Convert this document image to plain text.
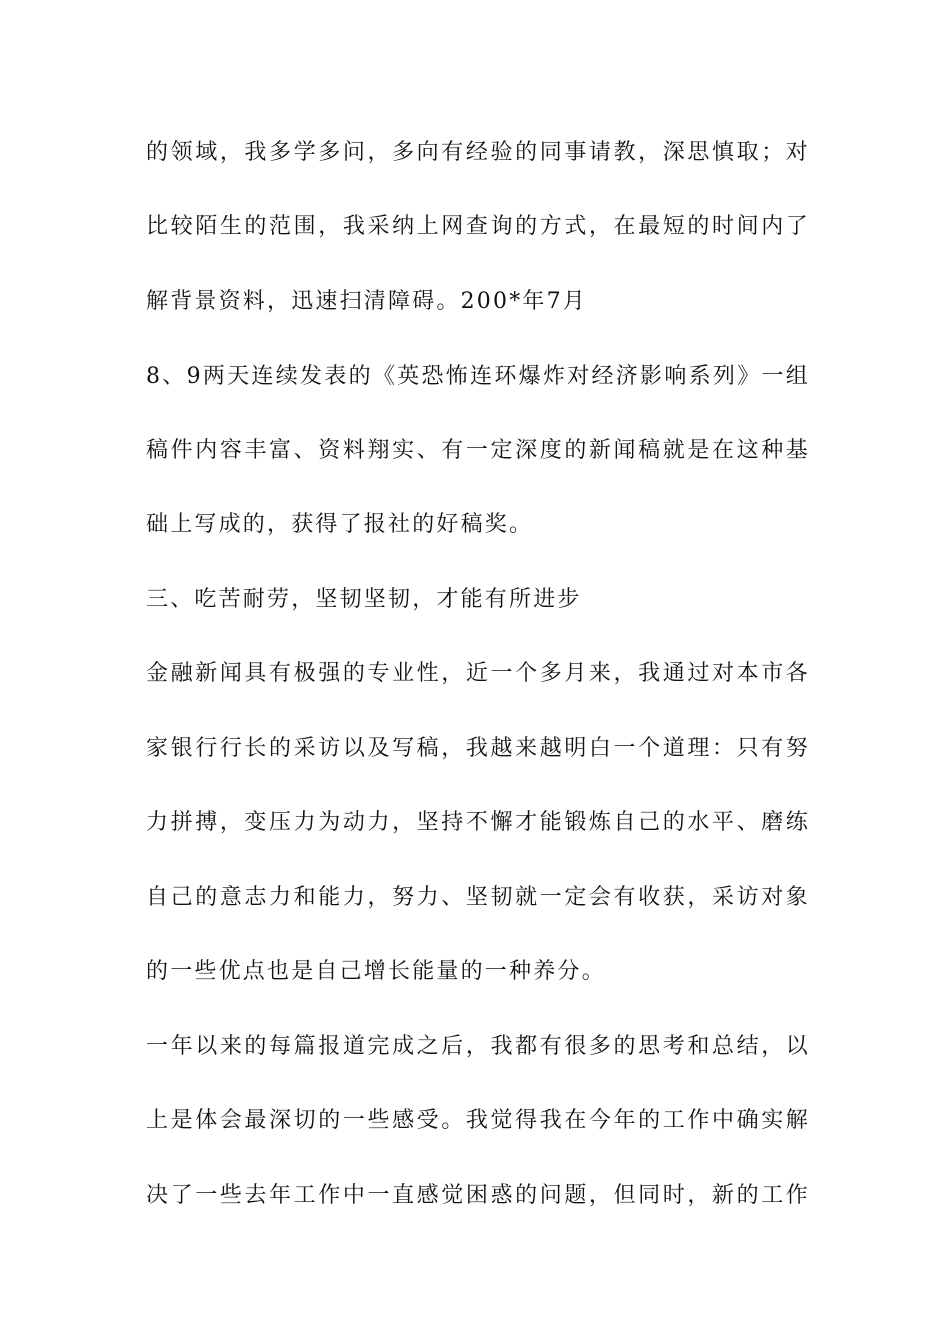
的领域，我多学多问，多向有经验的同事请教，深思慎取；对
比较陌生的范围，我采纳上网查询的方式，在最短的时间内了
解背景资料，迅速扫清障碍。200*年7月
8、9两天连续发表的《英恐怖连环爆炸对经济影响系列》一组
稿件内容丰富、资料翔实、有一定深度的新闻稿就是在这种基
础上写成的，获得了报社的好稿奖。
三、吃苦耐劳，坚韧坚韧，才能有所进步
金融新闻具有极强的专业性，近一个多月来，我通过对本市各
家银行行长的采访以及写稿，我越来越明白一个道理：只有努
力拼搏，变压力为动力，坚持不懈才能锻炼自己的水平、磨练
自己的意志力和能力，努力、坚韧就一定会有收获，采访对象
的一些优点也是自己增长能量的一种养分。
一年以来的每篇报道完成之后，我都有很多的思考和总结，以
上是体会最深切的一些感受。我觉得我在今年的工作中确实解
决了一些去年工作中一直感觉困惑的问题，但同时，新的工作
